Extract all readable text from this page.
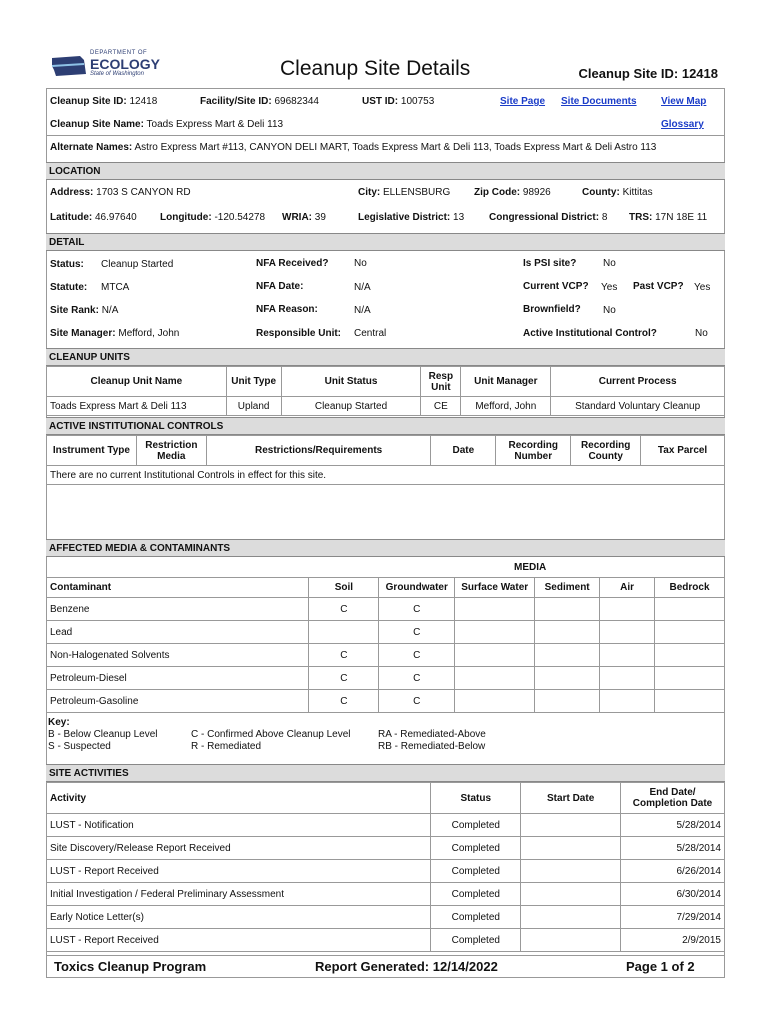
DEPARTMENT OF
ECOLOGY
State of Washington	Cleanup Site Details	Cleanup Site ID: 12418
Cleanup Site ID: 12418	Facility/Site ID: 69682344	UST ID: 100753	Site Page Site Documents View Map
Glossary
Cleanup Site Name: Toads Express Mart & Deli 113
Alternate Names: Astro Express Mart #113, CANYON DELI MART, Toads Express Mart & Deli 113, Toads Express Mart & Deli Astro 113
LOCATION
Address: 1703 S CANYON RD	City: ELLENSBURG Zip Code: 98926	County: Kittitas
Latitude: 46.97640 Longitude: -120.54278 WRIA: 39	Legislative District: 13 Congressional District: 8 TRS: 17N 18E 11
DETAIL
Status: Cleanup Started	NFA Received?	No	Is PSI site?	No
Statute: MTCA	NFA Date:	N/A	Current VCP? Yes Past VCP? Yes
Site Rank: N/A	NFA Reason:	N/A	Brownfield? No
Site Manager: Mefford, John	Responsible Unit: Central	Active Institutional Control?	No
CLEANUP UNITS
Cleanup Unit Name	Unit Type	Unit Status	Resp Unit	Unit Manager	Current Process
Toads Express Mart & Deli 113	Upland	Cleanup Started	CE	Mefford, John	Standard Voluntary Cleanup
ACTIVE INSTITUTIONAL CONTROLS
Instrument Type	Restriction Media	Restrictions/Requirements	Date	Recording Number	Recording County	Tax Parcel
There are no current Institutional Controls in effect for this site.
AFFECTED MEDIA & CONTAMINANTS
MEDIA
Contaminant	Soil	Groundwater	Surface Water	Sediment	Air	Bedrock
Benzene	C	C				
Lead		C				
Non-Halogenated Solvents	C	C				
Petroleum-Diesel	C	C				
Petroleum-Gasoline	C	C				
Key:
B - Below Cleanup Level
S - Suspected
C - Confirmed Above Cleanup Level
R - Remediated
RA - Remediated-Above
RB - Remediated-Below
SITE ACTIVITIES
Activity	Status	Start Date	End Date/ Completion Date
LUST - Notification	Completed		5/28/2014
Site Discovery/Release Report Received	Completed		5/28/2014
LUST - Report Received	Completed		6/26/2014
Initial Investigation / Federal Preliminary Assessment	Completed		6/30/2014
Early Notice Letter(s)	Completed		7/29/2014
LUST - Report Received	Completed		2/9/2015
Toxics Cleanup Program	Report Generated: 12/14/2022	Page 1 of 2
